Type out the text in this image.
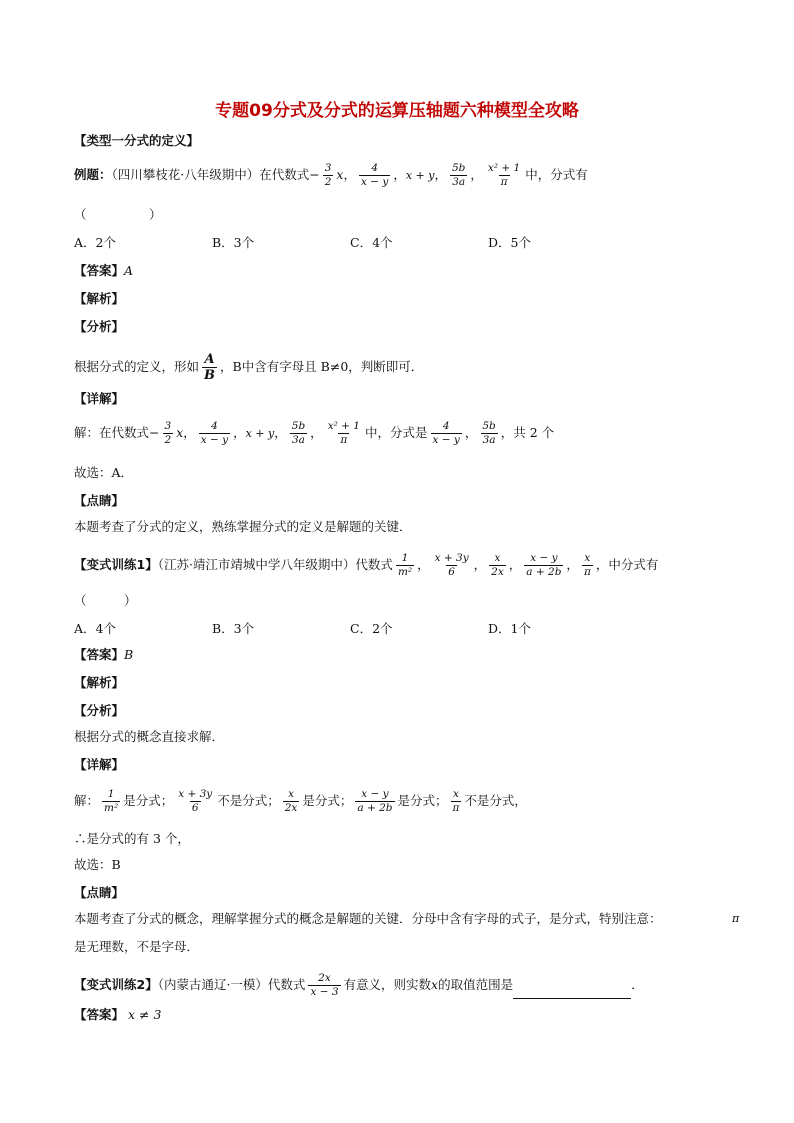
专题09分式及分式的运算压轴题六种模型全攻略
【类型一分式的定义】
例题：（四川攀枝花·八年级期中）在代数式− $\frac{3}{2}$ x， $\frac{4}{x - y}$ ，x + y， $\frac{5b}{3a}$ ， $\frac{\text{x² + 1}}{\pi}$ 中，分式有
（　　　　　）
A．2个	B．3个	C．4个	D．5个
【答案】A
【解析】
【分析】
根据分式的定义，形如 $\frac{A}{B}$ ，B中含有字母且 B≠0，判断即可．
【详解】
解：在代数式− $\frac{3}{2}$ x， $\frac{4}{x - y}$ ，x + y， $\frac{5b}{3a}$ ， $\frac{\text{x² + 1}}{\pi}$ 中，分式是 $\frac{4}{x - y}$ ， $\frac{5b}{3a}$ ，共 2 个
故选：A．
【点睛】
本题考查了分式的定义，熟练掌握分式的定义是解题的关键．
【变式训练1】（江苏·靖江市靖城中学八年级期中）代数式 $\frac{1}{\text{m²}}$ ， $\frac{x + 3y}{6}$ ， $\frac{x}{2x}$ ， $\frac{x - y}{a + 2b}$ ， $\frac{x}{\pi}$ ，中分式有
（　　　）
A．4个	B．3个	C．2个	D．1个
【答案】B
【解析】
【分析】
根据分式的概念直接求解．
【详解】
解： $\frac{1}{\text{m²}}$ 是分式； $\frac{x + 3y}{6}$ 不是分式； $\frac{x}{2x}$ 是分式； $\frac{x - y}{a + 2b}$ 是分式； $\frac{x}{\pi}$ 不是分式，
∴是分式的有 3 个，
故选：B
【点睛】
本题考查了分式的概念，理解掌握分式的概念是解题的关键．分母中含有字母的式子，是分式，特别注意：	π
是无理数，不是字母．
【变式训练2】（内蒙古通辽·一模）代数式 $\frac{2x}{x - 3}$ 有意义，则实数x的取值范围是	．
【答案】 x ≠ 3
